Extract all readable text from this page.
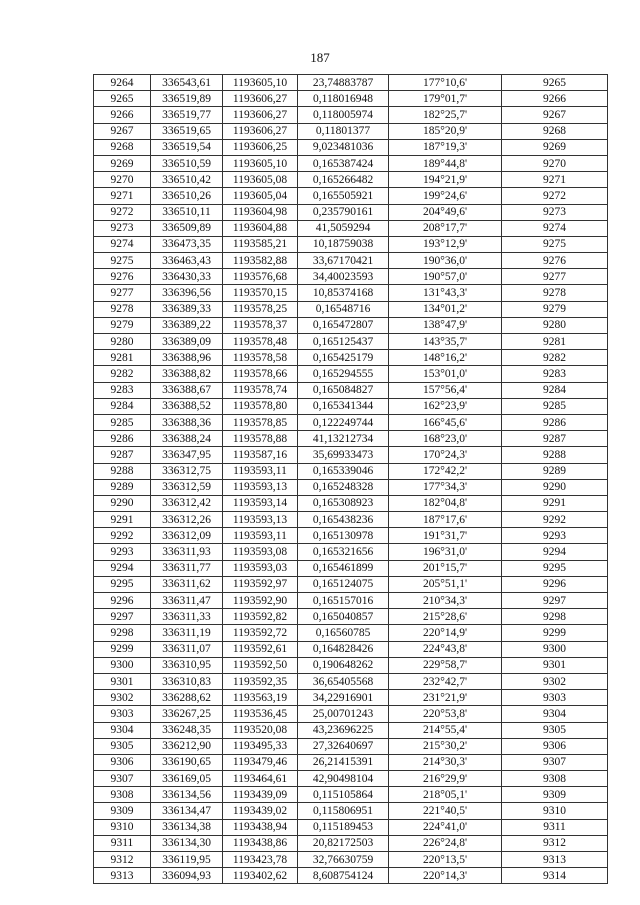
187
9264	336543,61	1193605,10	23,74883787	177°10,6'	9265
9265	336519,89	1193606,27	0,118016948	179°01,7'	9266
9266	336519,77	1193606,27	0,118005974	182°25,7'	9267
9267	336519,65	1193606,27	0,11801377	185°20,9'	9268
9268	336519,54	1193606,25	9,023481036	187°19,3'	9269
9269	336510,59	1193605,10	0,165387424	189°44,8'	9270
9270	336510,42	1193605,08	0,165266482	194°21,9'	9271
9271	336510,26	1193605,04	0,165505921	199°24,6'	9272
9272	336510,11	1193604,98	0,235790161	204°49,6'	9273
9273	336509,89	1193604,88	41,5059294	208°17,7'	9274
9274	336473,35	1193585,21	10,18759038	193°12,9'	9275
9275	336463,43	1193582,88	33,67170421	190°36,0'	9276
9276	336430,33	1193576,68	34,40023593	190°57,0'	9277
9277	336396,56	1193570,15	10,85374168	131°43,3'	9278
9278	336389,33	1193578,25	0,16548716	134°01,2'	9279
9279	336389,22	1193578,37	0,165472807	138°47,9'	9280
9280	336389,09	1193578,48	0,165125437	143°35,7'	9281
9281	336388,96	1193578,58	0,165425179	148°16,2'	9282
9282	336388,82	1193578,66	0,165294555	153°01,0'	9283
9283	336388,67	1193578,74	0,165084827	157°56,4'	9284
9284	336388,52	1193578,80	0,165341344	162°23,9'	9285
9285	336388,36	1193578,85	0,122249744	166°45,6'	9286
9286	336388,24	1193578,88	41,13212734	168°23,0'	9287
9287	336347,95	1193587,16	35,69933473	170°24,3'	9288
9288	336312,75	1193593,11	0,165339046	172°42,2'	9289
9289	336312,59	1193593,13	0,165248328	177°34,3'	9290
9290	336312,42	1193593,14	0,165308923	182°04,8'	9291
9291	336312,26	1193593,13	0,165438236	187°17,6'	9292
9292	336312,09	1193593,11	0,165130978	191°31,7'	9293
9293	336311,93	1193593,08	0,165321656	196°31,0'	9294
9294	336311,77	1193593,03	0,165461899	201°15,7'	9295
9295	336311,62	1193592,97	0,165124075	205°51,1'	9296
9296	336311,47	1193592,90	0,165157016	210°34,3'	9297
9297	336311,33	1193592,82	0,165040857	215°28,6'	9298
9298	336311,19	1193592,72	0,16560785	220°14,9'	9299
9299	336311,07	1193592,61	0,164828426	224°43,8'	9300
9300	336310,95	1193592,50	0,190648262	229°58,7'	9301
9301	336310,83	1193592,35	36,65405568	232°42,7'	9302
9302	336288,62	1193563,19	34,22916901	231°21,9'	9303
9303	336267,25	1193536,45	25,00701243	220°53,8'	9304
9304	336248,35	1193520,08	43,23696225	214°55,4'	9305
9305	336212,90	1193495,33	27,32640697	215°30,2'	9306
9306	336190,65	1193479,46	26,21415391	214°30,3'	9307
9307	336169,05	1193464,61	42,90498104	216°29,9'	9308
9308	336134,56	1193439,09	0,115105864	218°05,1'	9309
9309	336134,47	1193439,02	0,115806951	221°40,5'	9310
9310	336134,38	1193438,94	0,115189453	224°41,0'	9311
9311	336134,30	1193438,86	20,82172503	226°24,8'	9312
9312	336119,95	1193423,78	32,76630759	220°13,5'	9313
9313	336094,93	1193402,62	8,608754124	220°14,3'	9314
